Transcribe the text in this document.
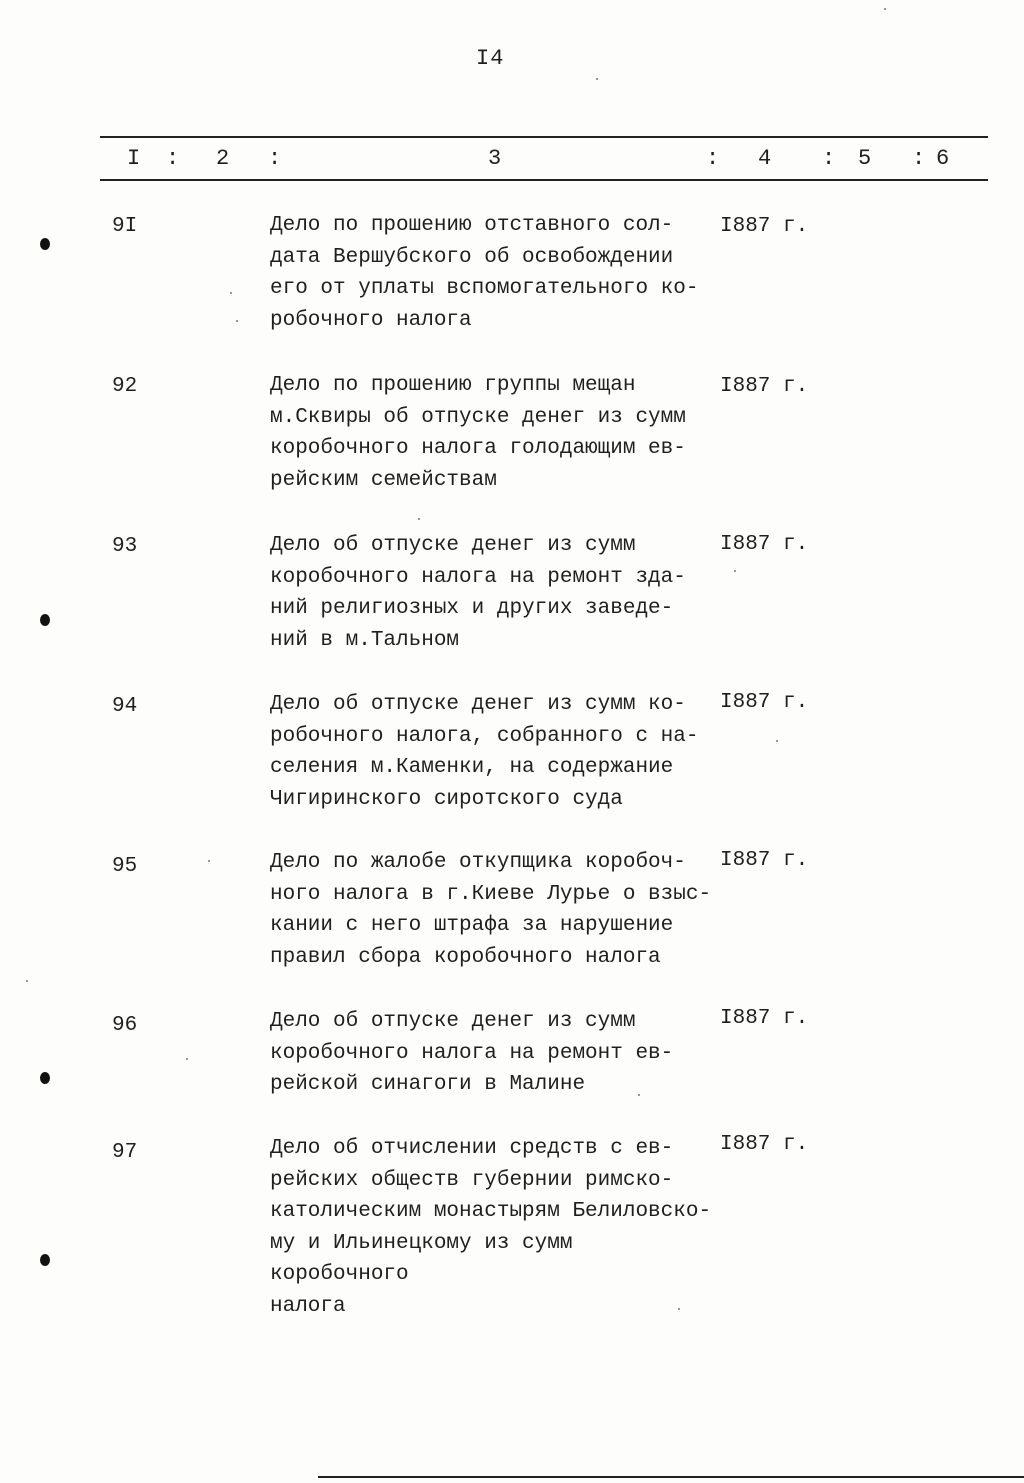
I4
I : 2 :	3	: 4 : 5 : 6
9I	Дело по прошению отставного сол-
дата Вершубского об освобождении
его от уплаты вспомогательного ко-
робочного налога
I887 г.
92	Дело по прошению группы мещан
м.Сквиры об отпуске денег из сумм
коробочного налога голодающим ев-
рейским семействам
I887 г.
93	Дело об отпуске денег из сумм
коробочного налога на ремонт зда-
ний религиозных и других заведе-
ний в м.Тальном
I887 г.
94	Дело об отпуске денег из сумм ко-
робочного налога, собранного с на-
селения м.Каменки, на содержание
Чигиринского сиротского суда
I887 г.
95	Дело по жалобе откупщика коробоч-
ного налога в г.Киеве Лурье о взыс-
кании с него штрафа за нарушение
правил сбора коробочного налога
I887 г.
96	Дело об отпуске денег из сумм
коробочного налога на ремонт ев-
рейской синагоги в Малине
I887 г.
97	Дело об отчислении средств с ев-
рейских обществ губернии римско-
католическим монастырям Белиловско-
му и Ильинецкому из сумм коробочного
налога
I887 г.
